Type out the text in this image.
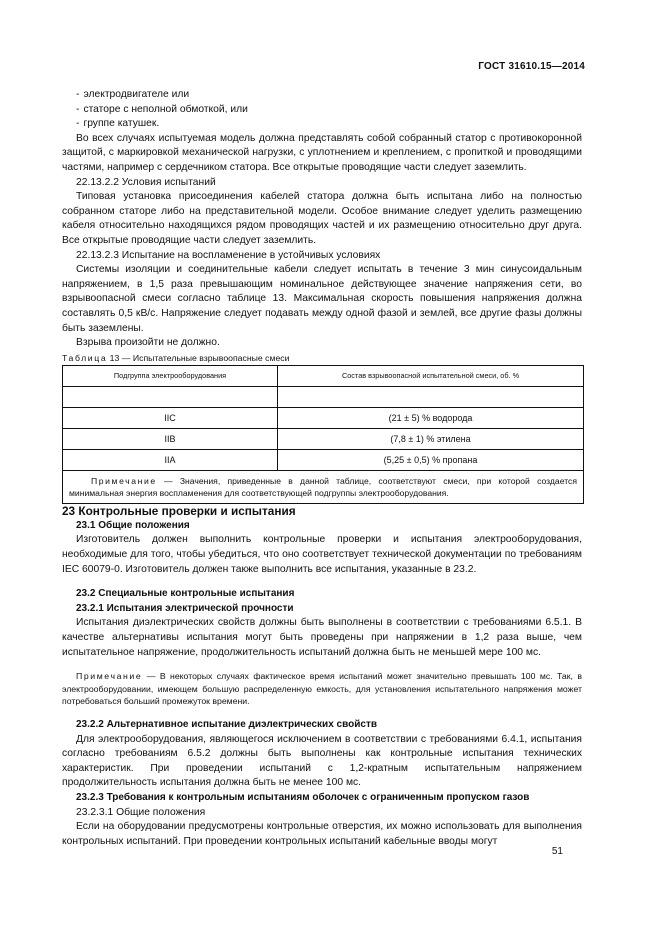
ГОСТ 31610.15—2014

- электродвигателе или

- статоре с неполной обмоткой, или

- группе катушек.

Во всех случаях испытуемая модель должна представлять собой собранный статор с противокоронной защитой, с маркировкой механической нагрузки, с уплотнением и креплением, с пропиткой и проводящими частями, например с сердечником статора. Все открытые проводящие части следует заземлить.

22.13.2.2 Условия испытаний

Типовая установка присоединения кабелей статора должна быть испытана либо на полностью собранном статоре либо на представительной модели. Особое внимание следует уделить размещению кабеля относительно находящихся рядом проводящих частей и их размещению относительно друг друга. Все открытые проводящие части следует заземлить.

22.13.2.3 Испытание на воспламенение в устойчивых условиях

Системы изоляции и соединительные кабели следует испытать в течение 3 мин синусоидальным напряжением, в 1,5 раза превышающим номинальное действующее значение напряжения сети, во взрывоопасной смеси согласно таблице 13. Максимальная скорость повышения напряжения должна составлять 0,5 кВ/с. Напряжение следует подавать между одной фазой и землей, все другие фазы должны быть заземлены.

Взрыва произойти не должно.

Таблица 13 — Испытательные взрывоопасные смеси

Подгруппа электрооборудования	Состав взрывоопасной испытательной смеси, об. %

IIC	(21 ± 5) % водорода
IIB	(7,8 ± 1) % этилена
IIA	(5,25 ± 0,5) % пропана
Примечание — Значения, приведенные в данной таблице, соответствуют смеси, при которой создается минимальная энергия воспламенения для соответствующей подгруппы электрооборудования.	

23 Контрольные проверки и испытания

23.1 Общие положения

Изготовитель должен выполнить контрольные проверки и испытания электрооборудования, необходимые для того, чтобы убедиться, что оно соответствует технической документации по требованиям IEC 60079-0. Изготовитель должен также выполнить все испытания, указанные в 23.2.

23.2 Специальные контрольные испытания

23.2.1 Испытания электрической прочности

Испытания диэлектрических свойств должны быть выполнены в соответствии с требованиями 6.5.1. В качестве альтернативы испытания могут быть проведены при напряжении в 1,2 раза выше, чем испытательное напряжение, продолжительность испытаний должна быть не меньшей мере 100 мс.

Примечание — В некоторых случаях фактическое время испытаний может значительно превышать 100 мс. Так, в электрооборудовании, имеющем большую распределенную емкость, для установления испытательного напряжения может потребоваться больший промежуток времени.

23.2.2 Альтернативное испытание диэлектрических свойств

Для электрооборудования, являющегося исключением в соответствии с требованиями 6.4.1, испытания согласно требованиям 6.5.2 должны быть выполнены как контрольные испытания технических характеристик. При проведении испытаний с 1,2-кратным испытательным напряжением продолжительность испытания должна быть не менее 100 мс.

23.2.3 Требования к контрольным испытаниям оболочек с ограниченным пропуском газов

23.2.3.1 Общие положения

Если на оборудовании предусмотрены контрольные отверстия, их можно использовать для выполнения контрольных испытаний. При проведении контрольных испытаний кабельные вводы могут

51
